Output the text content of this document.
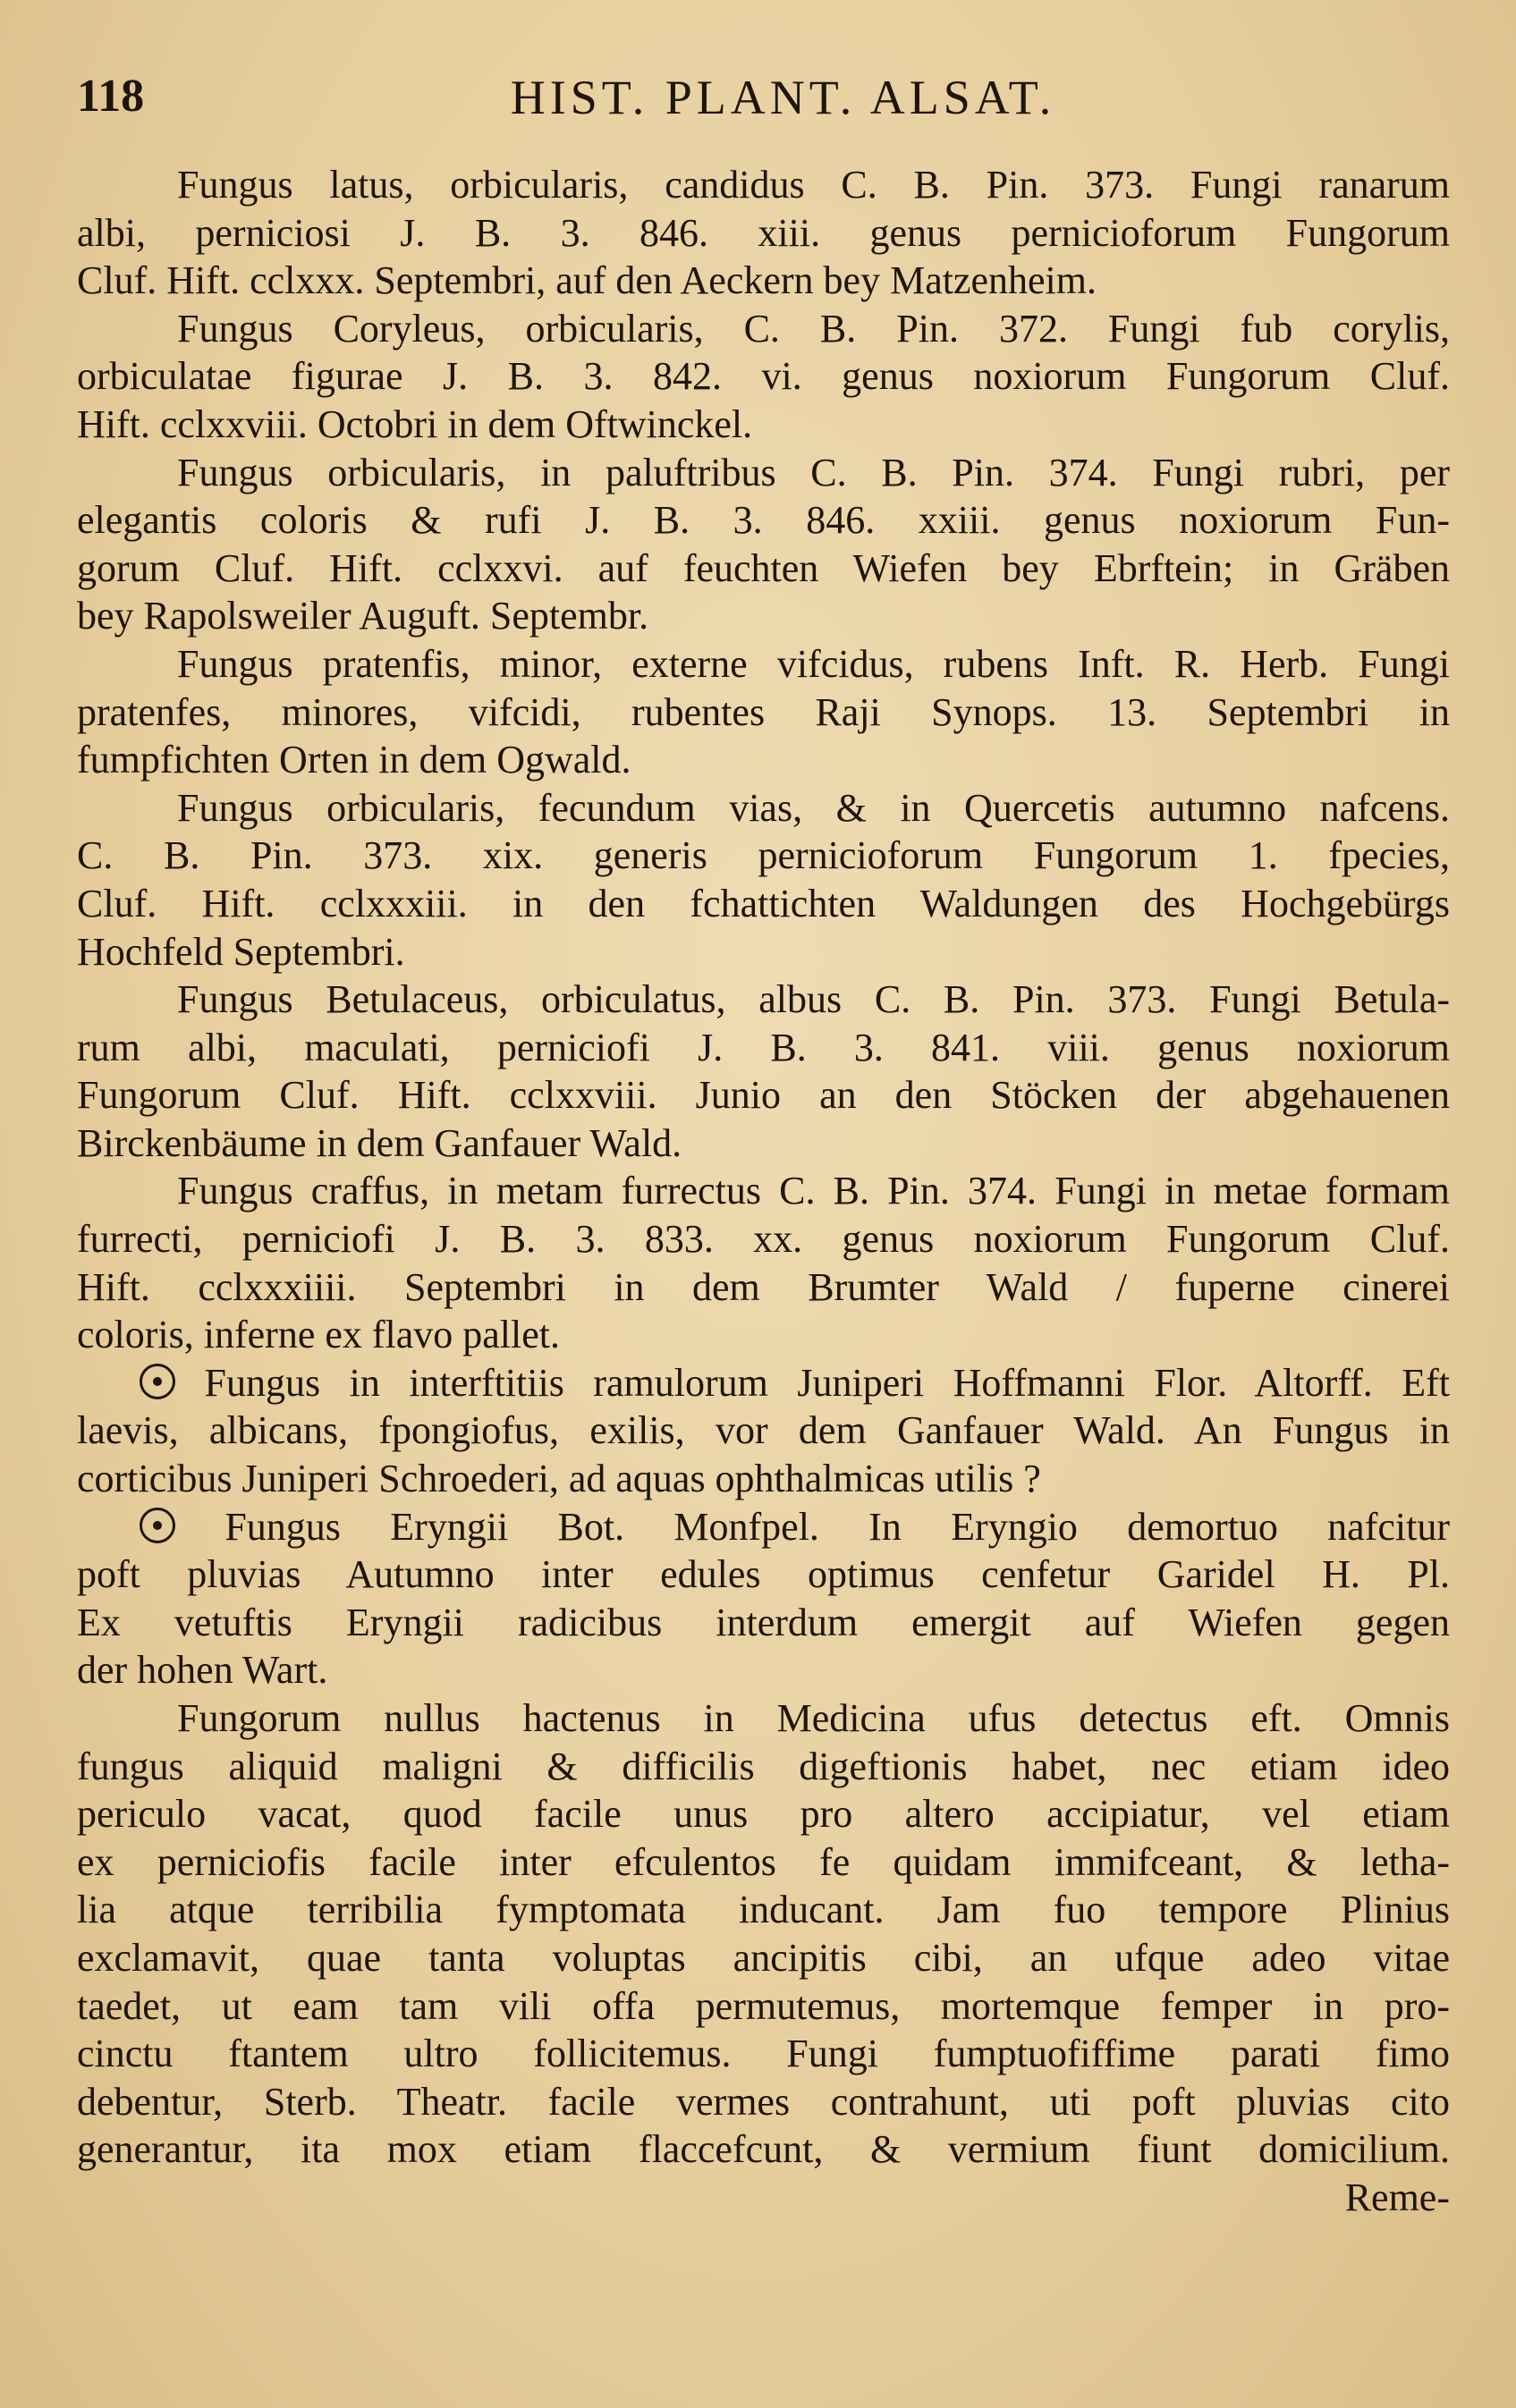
118	HIST. PLANT. ALSAT.
Fungus latus, orbicularis, candidus C. B. Pin. 373. Fungi ranarum
albi, perniciosi J. B. 3. 846. xiii. genus pernicioforum Fungorum
Cluf. Hift. cclxxx. Septembri, auf den Aeckern bey Matzenheim.
Fungus Coryleus, orbicularis, C. B. Pin. 372. Fungi fub corylis,
orbiculatae figurae J. B. 3. 842. vi. genus noxiorum Fungorum Cluf.
Hift. cclxxviii. Octobri in dem Oftwinckel.
Fungus orbicularis, in paluftribus C. B. Pin. 374. Fungi rubri, per
elegantis coloris & rufi J. B. 3. 846. xxiii. genus noxiorum Fun-
gorum Cluf. Hift. cclxxvi. auf feuchten Wiefen bey Ebrftein; in Gräben
bey Rapolsweiler Auguft. Septembr.
Fungus pratenfis, minor, externe vifcidus, rubens Inft. R. Herb. Fungi
pratenfes, minores, vifcidi, rubentes Raji Synops. 13. Septembri in
fumpfichten Orten in dem Ogwald.
Fungus orbicularis, fecundum vias, & in Quercetis autumno nafcens.
C. B. Pin. 373. xix. generis pernicioforum Fungorum 1. fpecies,
Cluf. Hift. cclxxxiii. in den fchattichten Waldungen des Hochgebürgs
Hochfeld Septembri.
Fungus Betulaceus, orbiculatus, albus C. B. Pin. 373. Fungi Betula-
rum albi, maculati, perniciofi J. B. 3. 841. viii. genus noxiorum
Fungorum Cluf. Hift. cclxxviii. Junio an den Stöcken der abgehauenen
Birckenbäume in dem Ganfauer Wald.
Fungus craffus, in metam furrectus C. B. Pin. 374. Fungi in metae formam
furrecti, perniciofi J. B. 3. 833. xx. genus noxiorum Fungorum Cluf.
Hift. cclxxxiiii. Septembri in dem Brumter Wald / fuperne cinerei
coloris, inferne ex flavo pallet.
Fungus in interftitiis ramulorum Juniperi Hoffmanni Flor. Altorff. Eft
laevis, albicans, fpongiofus, exilis, vor dem Ganfauer Wald. An Fungus in
corticibus Juniperi Schroederi, ad aquas ophthalmicas utilis ?
Fungus Eryngii Bot. Monfpel. In Eryngio demortuo nafcitur
poft pluvias Autumno inter edules optimus cenfetur Garidel H. Pl.
Ex vetuftis Eryngii radicibus interdum emergit auf Wiefen gegen
der hohen Wart.
Fungorum nullus hactenus in Medicina ufus detectus eft. Omnis
fungus aliquid maligni & difficilis digeftionis habet, nec etiam ideo
periculo vacat, quod facile unus pro altero accipiatur, vel etiam
ex perniciofis facile inter efculentos fe quidam immifceant, & letha-
lia atque terribilia fymptomata inducant. Jam fuo tempore Plinius
exclamavit, quae tanta voluptas ancipitis cibi, an ufque adeo vitae
taedet, ut eam tam vili offa permutemus, mortemque femper in pro-
cinctu ftantem ultro follicitemus. Fungi fumptuofiffime parati fimo
debentur, Sterb. Theatr. facile vermes contrahunt, uti poft pluvias cito
generantur, ita mox etiam flaccefcunt, & vermium fiunt domicilium.
Reme-
